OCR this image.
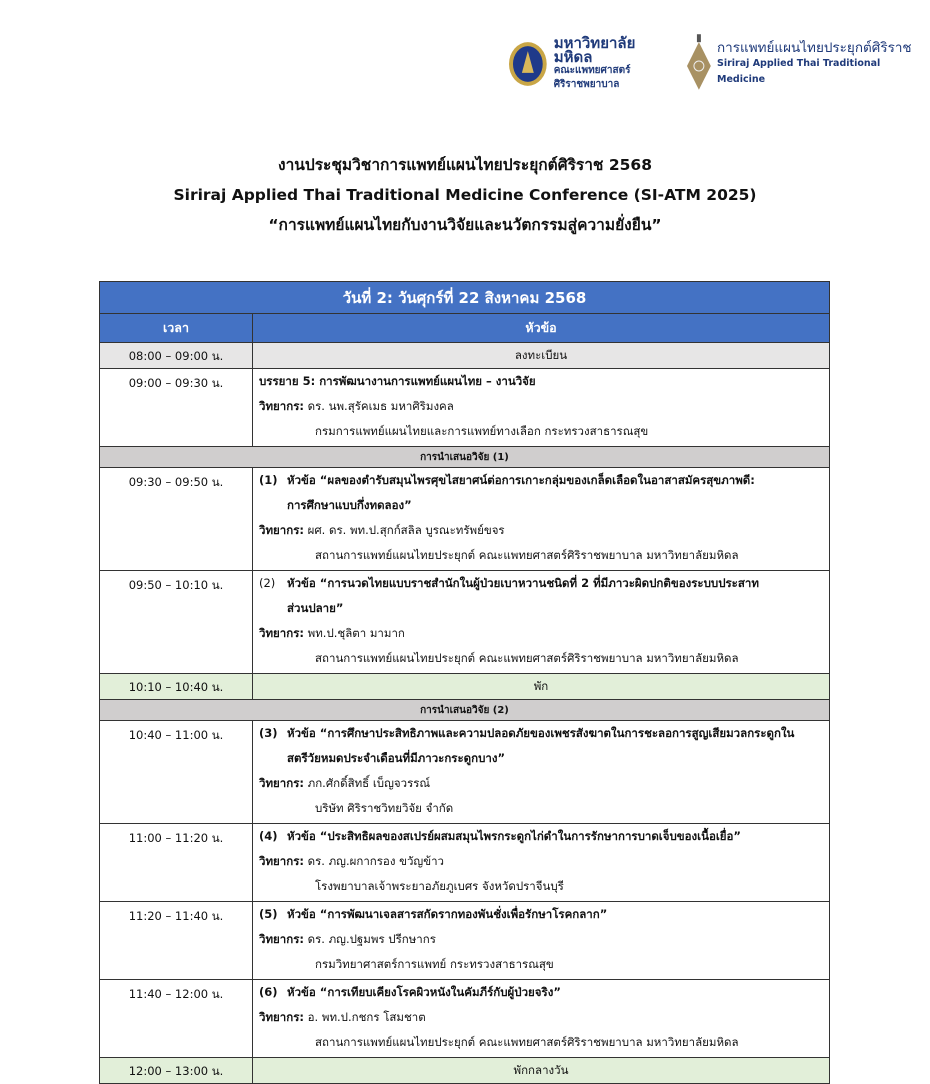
มหาวิทยาลัยมหิดล
คณะแพทยศาสตร์
ศิริราชพยาบาล
การแพทย์แผนไทยประยุกต์ศิริราช
Siriraj Applied Thai Traditional Medicine
งานประชุมวิชาการแพทย์แผนไทยประยุกต์ศิริราช 2568
Siriraj Applied Thai Traditional Medicine Conference (SI-ATM 2025)
“การแพทย์แผนไทยกับงานวิจัยและนวัตกรรมสู่ความยั่งยืน”
วันที่ 2: วันศุกร์ที่ 22 สิงหาคม 2568	
เวลา	หัวข้อ
08:00 – 09:00 น.	ลงทะเบียน
09:00 – 09:30 น.	บรรยาย 5: การพัฒนางานการแพทย์แผนไทย – งานวิจัย
วิทยากร: ดร. นพ.สุรัคเมธ มหาศิริมงคล
กรมการแพทย์แผนไทยและการแพทย์ทางเลือก กระทรวงสาธารณสุข

การนำเสนอวิจัย (1)	
09:30 – 09:50 น.	(1) หัวข้อ “ผลของตำรับสมุนไพรศุขไสยาศน์ต่อการเกาะกลุ่มของเกล็ดเลือดในอาสาสมัครสุขภาพดี:
การศึกษาแบบกึ่งทดลอง”
วิทยากร: ผศ. ดร. พท.ป.สุกก์สลิล บูรณะทรัพย์ขจร
สถานการแพทย์แผนไทยประยุกต์ คณะแพทยศาสตร์ศิริราชพยาบาล มหาวิทยาลัยมหิดล

09:50 – 10:10 น.	(2) หัวข้อ “การนวดไทยแบบราชสำนักในผู้ป่วยเบาหวานชนิดที่ 2 ที่มีภาวะผิดปกติของระบบประสาท
ส่วนปลาย”
วิทยากร: พท.ป.ชุลิตา มามาก
สถานการแพทย์แผนไทยประยุกต์ คณะแพทยศาสตร์ศิริราชพยาบาล มหาวิทยาลัยมหิดล

10:10 – 10:40 น.	พัก
การนำเสนอวิจัย (2)	
10:40 – 11:00 น.	(3) หัวข้อ “การศึกษาประสิทธิภาพและความปลอดภัยของเพชรสังฆาตในการชะลอการสูญเสียมวลกระดูกใน
สตรีวัยหมดประจำเดือนที่มีภาวะกระดูกบาง”
วิทยากร: ภก.ศักดิ์สิทธิ์ เบ็ญจวรรณ์
บริษัท ศิริราชวิทยวิจัย จำกัด

11:00 – 11:20 น.	(4) หัวข้อ “ประสิทธิผลของสเปรย์ผสมสมุนไพรกระดูกไก่ดำในการรักษาการบาดเจ็บของเนื้อเยื่อ”
วิทยากร: ดร. ภญ.ผกากรอง ขวัญข้าว
โรงพยาบาลเจ้าพระยาอภัยภูเบศร จังหวัดปราจีนบุรี

11:20 – 11:40 น.	(5) หัวข้อ “การพัฒนาเจลสารสกัดรากทองพันชั่งเพื่อรักษาโรคกลาก”
วิทยากร: ดร. ภญ.ปฐมพร ปรีกษากร
กรมวิทยาศาสตร์การแพทย์ กระทรวงสาธารณสุข

11:40 – 12:00 น.	(6) หัวข้อ “การเทียบเคียงโรคผิวหนังในคัมภีร์กับผู้ป่วยจริง”
วิทยากร: อ. พท.ป.กชกร โสมชาต
สถานการแพทย์แผนไทยประยุกต์ คณะแพทยศาสตร์ศิริราชพยาบาล มหาวิทยาลัยมหิดล

12:00 – 13:00 น.	พักกลางวัน
